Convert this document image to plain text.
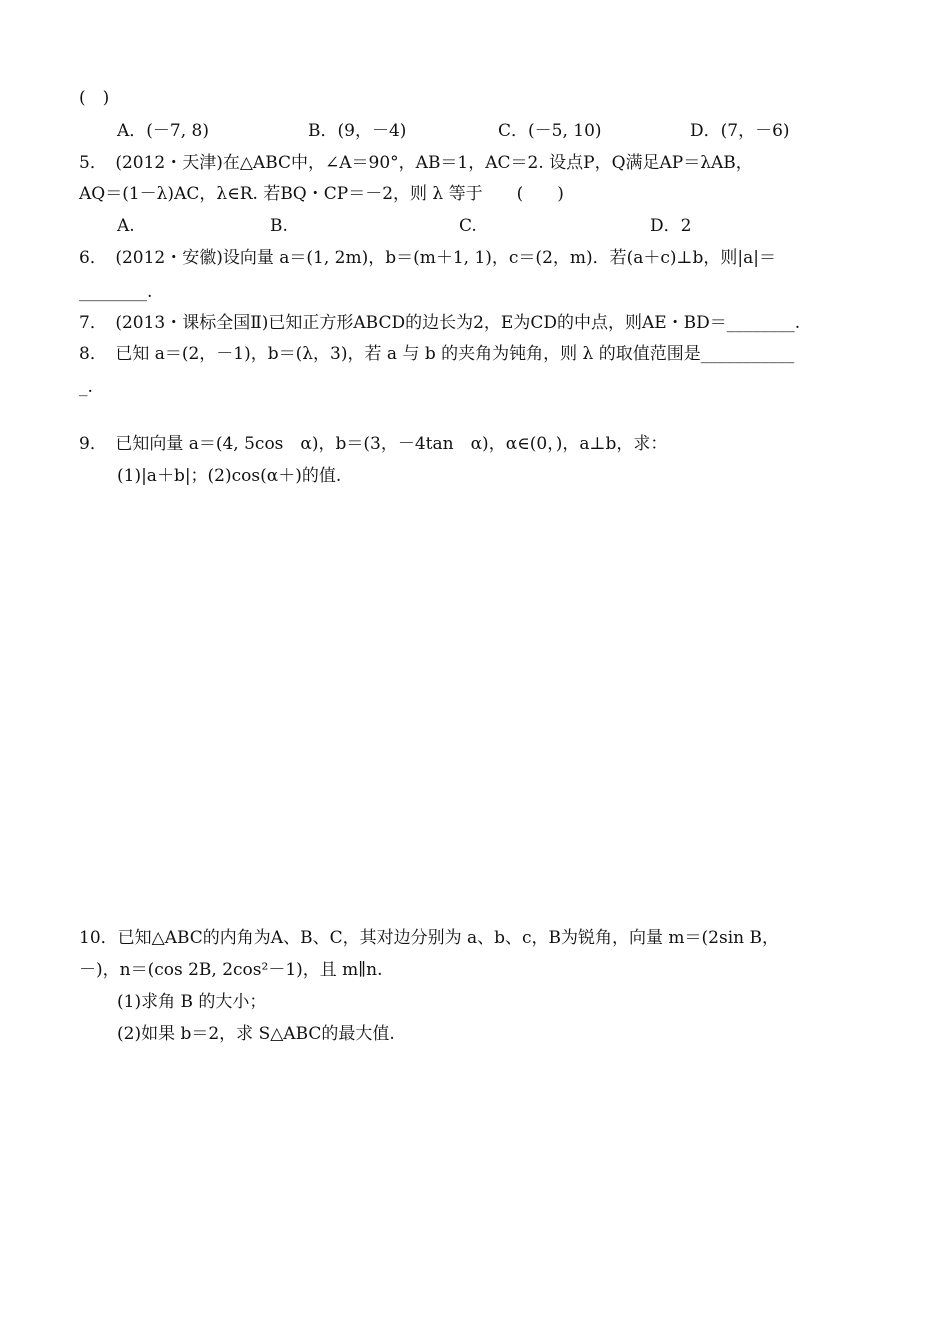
(　)
A．(－7, 8)	B．(9，－4)	C．(－5, 10)	D．(7，－6)
5．　(2012・天津)在△ABC中，∠A＝90°，AB＝1，AC＝2. 设点P，Q满足AP＝λAB，
AQ＝(1－λ)AC，λ∈R. 若BQ・CP＝－2，则 λ 等于　　(　　)
A.	B.	C.	D．2
6．　(2012・安徽)设向量 a＝(1, 2m)，b＝(m＋1, 1)，c＝(2，m)．若(a＋c)⊥b，则|a|＝
________.
7．　(2013・课标全国Ⅱ)已知正方形ABCD的边长为2，E为CD的中点，则AE・BD＝________.
8．　已知 a＝(2，－1)，b＝(λ，3)，若 a 与 b 的夹角为钝角，则 λ 的取值范围是___________
_.
9．　已知向量 a＝(4, 5cos　α)，b＝(3，－4tan　α)，α∈(0，)，a⊥b，求：
(1)|a＋b|；(2)cos(α＋)的值.
10．已知△ABC的内角为A、B、C，其对边分别为 a、b、c，B为锐角，向量 m＝(2sin B，
－)，n＝(cos 2B, 2cos²－1)，且 m∥n.
(1)求角 B 的大小；
(2)如果 b＝2，求 S△ABC的最大值.
